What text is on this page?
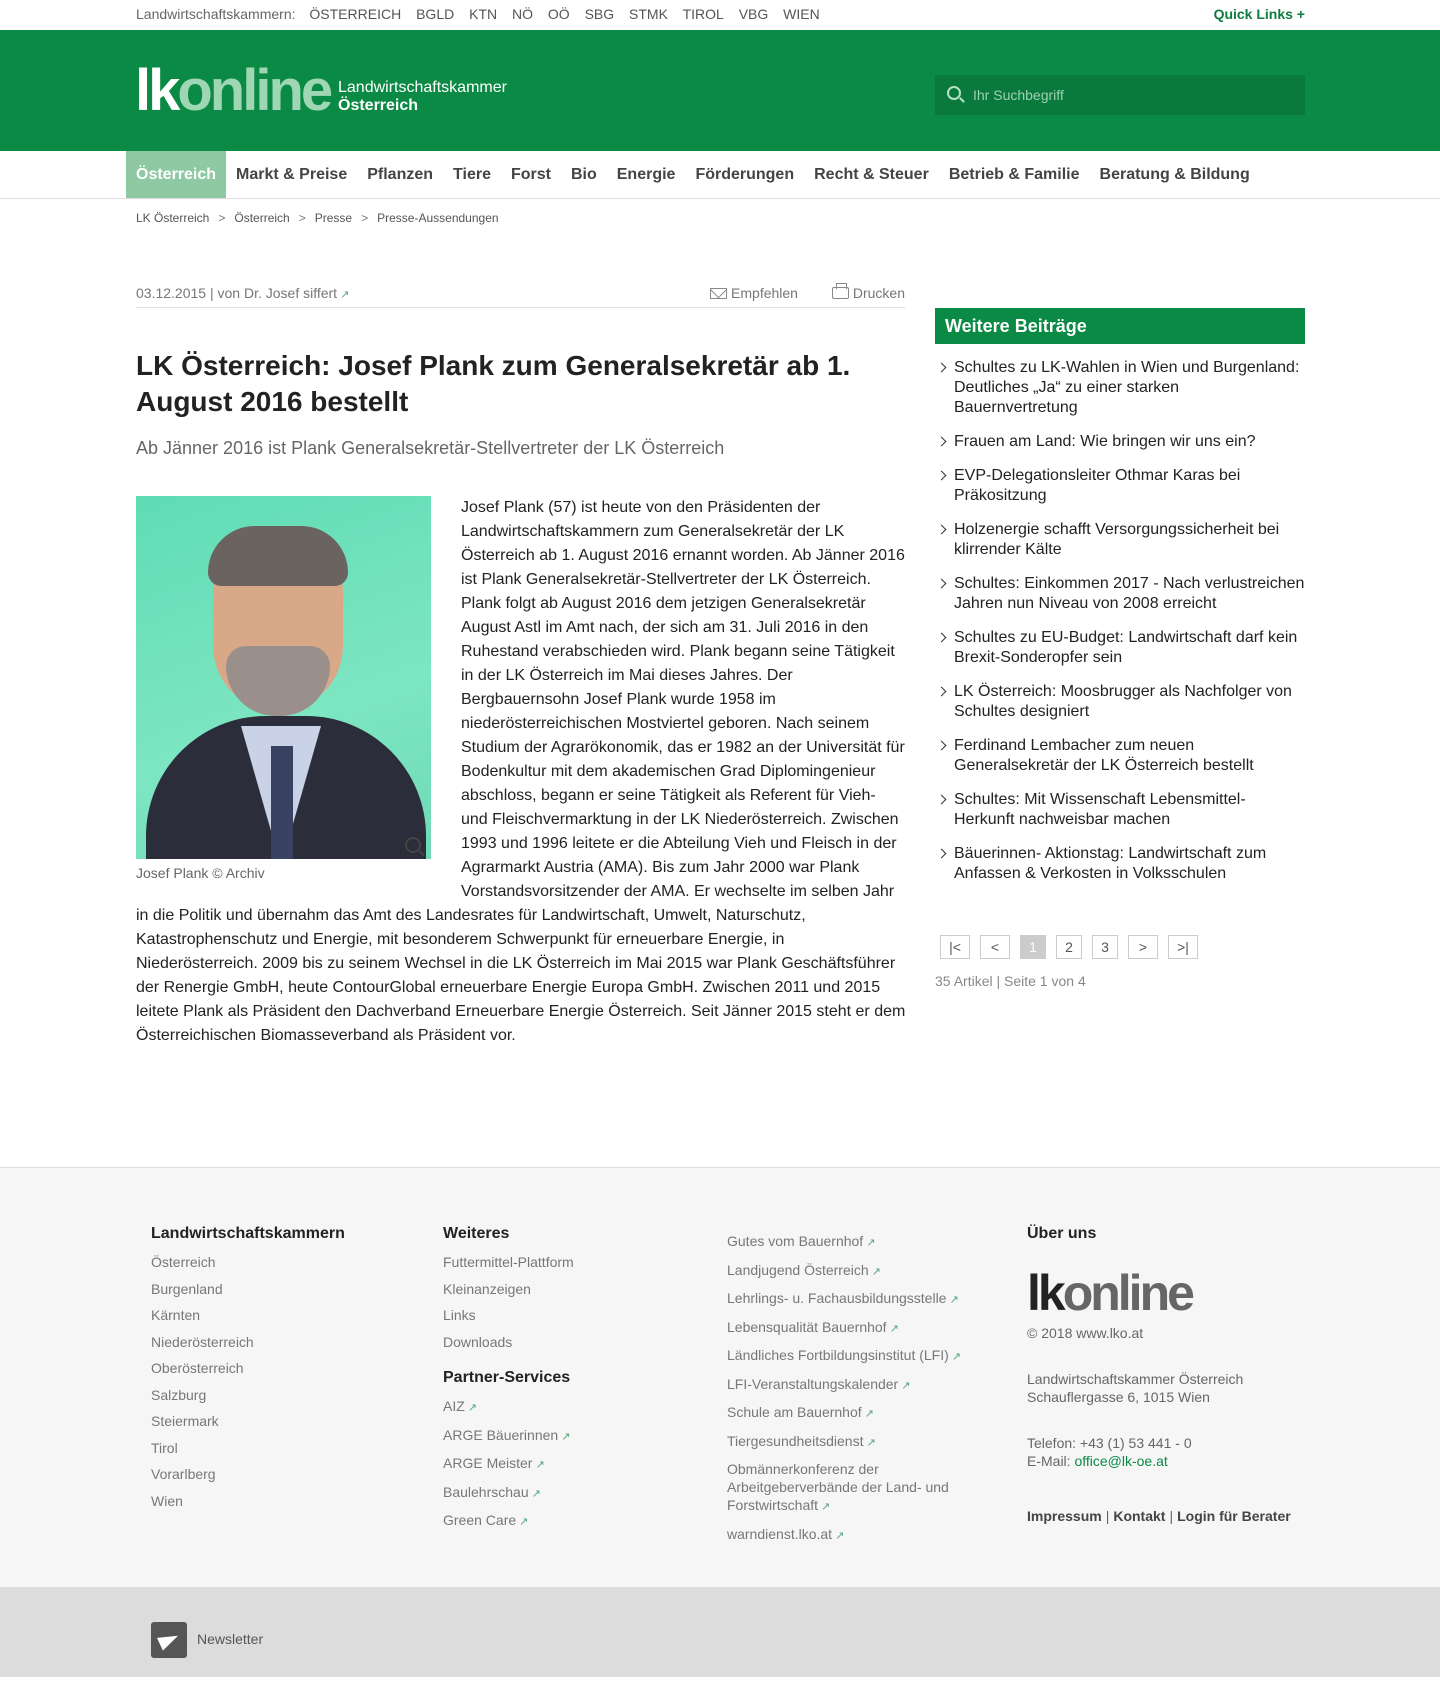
Landwirtschaftskammern: ÖSTERREICH BGLD KTN NÖ OÖ SBG STMK TIROL VBG WIEN	Quick Links +
lkonline Landwirtschaftskammer
Österreich
Ihr Suchbegriff
Österreich	Markt & Preise	Pflanzen	Tiere	Forst	Bio	Energie	Förderungen	Recht & Steuer	Betrieb & Familie	Beratung & Bildung
LK Österreich > Österreich > Presse > Presse-Aussendungen
03.12.2015 | von Dr. Josef siffert ↗	Empfehlen	Drucken
LK Österreich: Josef Plank zum Generalsekretär ab 1. August 2016 bestellt
Ab Jänner 2016 ist Plank Generalsekretär-Stellvertreter der LK Österreich
Josef Plank (57) ist heute von den Präsidenten der Landwirtschaftskammern zum Generalsekretär der LK Österreich ab 1. August 2016 ernannt worden. Ab Jänner 2016 ist Plank Generalsekretär-Stellvertreter der LK Österreich. Plank folgt ab August 2016 dem jetzigen Generalsekretär August Astl im Amt nach, der sich am 31. Juli 2016 in den Ruhestand verabschieden wird. Plank begann seine Tätigkeit in der LK Österreich im Mai dieses Jahres. Der Bergbauernsohn Josef Plank wurde 1958 im niederösterreichischen Mostviertel geboren. Nach seinem Studium der Agrarökonomik, das er 1982 an der Universität für Bodenkultur mit dem akademischen Grad Diplomingenieur abschloss, begann er seine Tätigkeit als Referent für Vieh- und Fleischvermarktung in der LK Niederösterreich. Zwischen 1993 und 1996 leitete er die Abteilung Vieh und Fleisch in der Agrarmarkt Austria (AMA). Bis zum Jahr 2000 war Plank Vorstandsvorsitzender der AMA. Er wechselte im selben Jahr in die Politik und übernahm das Amt des Landesrates für Landwirtschaft, Umwelt, Naturschutz, Katastrophenschutz und Energie, mit besonderem Schwerpunkt für erneuerbare Energie, in Niederösterreich. 2009 bis zu seinem Wechsel in die LK Österreich im Mai 2015 war Plank Geschäftsführer der Renergie GmbH, heute ContourGlobal erneuerbare Energie Europa GmbH. Zwischen 2011 und 2015 leitete Plank als Präsident den Dachverband Erneuerbare Energie Österreich. Seit Jänner 2015 steht er dem Österreichischen Biomasseverband als Präsident vor.
Josef Plank © Archiv
Weitere Beiträge
Schultes zu LK-Wahlen in Wien und Burgenland: Deutliches „Ja“ zu einer starken Bauernvertretung
Frauen am Land: Wie bringen wir uns ein?
EVP-Delegationsleiter Othmar Karas bei Präkositzung
Holzenergie schafft Versorgungssicherheit bei klirrender Kälte
Schultes: Einkommen 2017 - Nach verlustreichen Jahren nun Niveau von 2008 erreicht
Schultes zu EU-Budget: Landwirtschaft darf kein Brexit-Sonderopfer sein
LK Österreich: Moosbrugger als Nachfolger von Schultes designiert
Ferdinand Lembacher zum neuen Generalsekretär der LK Österreich bestellt
Schultes: Mit Wissenschaft Lebensmittel-Herkunft nachweisbar machen
Bäuerinnen- Aktionstag: Landwirtschaft zum Anfassen & Verkosten in Volksschulen
|<	<	1	2	3	>	>|
35 Artikel | Seite 1 von 4
Landwirtschaftskammern
Österreich
Burgenland
Kärnten
Niederösterreich
Oberösterreich
Salzburg
Steiermark
Tirol
Vorarlberg
Wien
Weiteres
Futtermittel-Plattform
Kleinanzeigen
Links
Downloads
Partner-Services
AIZ ↗
ARGE Bäuerinnen ↗
ARGE Meister ↗
Baulehrschau ↗
Green Care ↗
Gutes vom Bauernhof ↗
Landjugend Österreich ↗
Lehrlings- u. Fachausbildungsstelle ↗
Lebensqualität Bauernhof ↗
Ländliches Fortbildungsinstitut (LFI) ↗
LFI-Veranstaltungskalender ↗
Schule am Bauernhof ↗
Tiergesundheitsdienst ↗
Obmännerkonferenz der Arbeitgeberverbände der Land- und Forstwirtschaft ↗
warndienst.lko.at ↗
Über uns
lkonline
© 2018 www.lko.at
Landwirtschaftskammer Österreich
Schauflergasse 6, 1015 Wien
Telefon: +43 (1) 53 441 - 0
E-Mail: office@lk-oe.at
Impressum | Kontakt | Login für Berater
Newsletter
